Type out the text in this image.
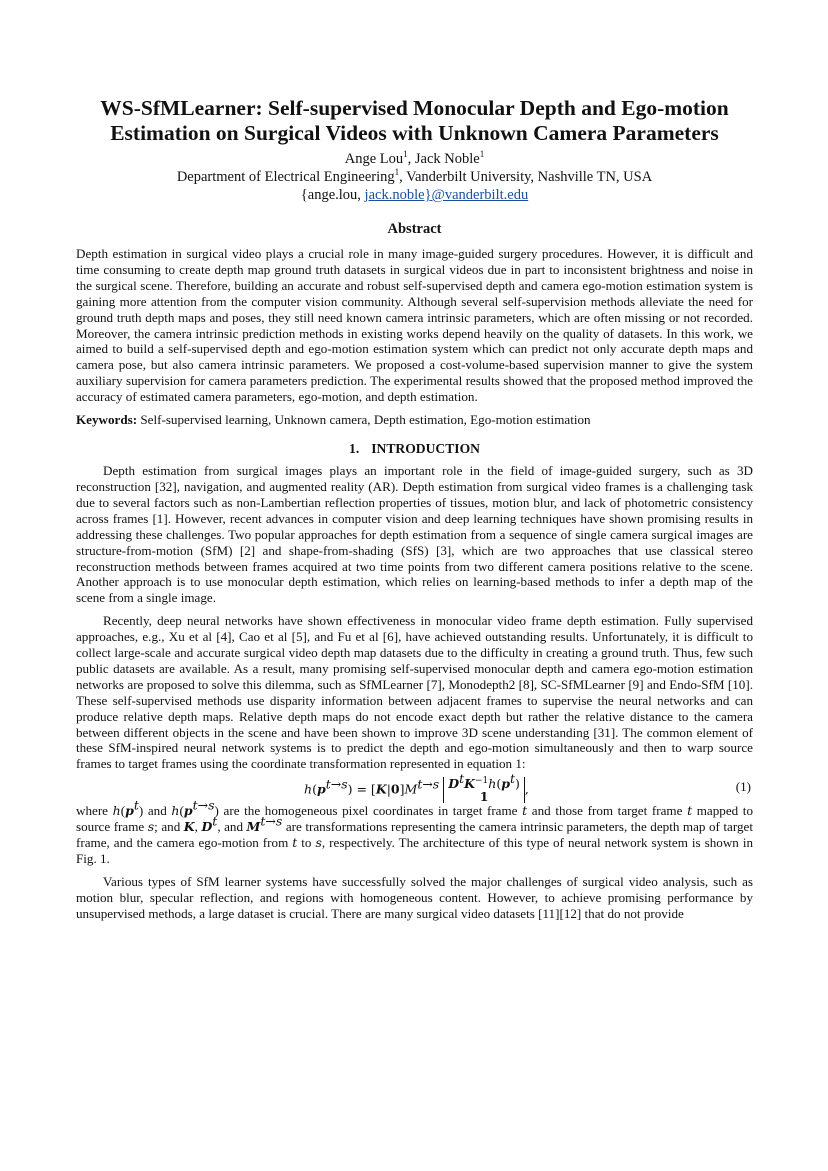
WS-SfMLearner: Self-supervised Monocular Depth and Ego-motion Estimation on Surgical Videos with Unknown Camera Parameters
Ange Lou$^1$, Jack Noble$^1$
Department of Electrical Engineering$^1$, Vanderbilt University, Nashville TN, USA
{ange.lou, jack.noble}@vanderbilt.edu
Abstract

Depth estimation in surgical video plays a crucial role in many image-guided surgery procedures. However, it is difficult and time consuming to create depth map ground truth datasets in surgical videos due in part to inconsistent brightness and noise in the surgical scene. Therefore, building an accurate and robust self-supervised depth and camera ego-motion estimation system is gaining more attention from the computer vision community. Although several self-supervision methods alleviate the need for ground truth depth maps and poses, they still need known camera intrinsic parameters, which are often missing or not recorded. Moreover, the camera intrinsic prediction methods in existing works depend heavily on the quality of datasets. In this work, we aimed to build a self-supervised depth and ego-motion estimation system which can predict not only accurate depth maps and camera pose, but also camera intrinsic parameters. We proposed a cost-volume-based supervision manner to give the system auxiliary supervision for camera parameters prediction. The experimental results showed that the proposed method improved the accuracy of estimated camera parameters, ego-motion, and depth estimation.

Keywords: Self-supervised learning, Unknown camera, Depth estimation, Ego-motion estimation
1. INTRODUCTION

Depth estimation from surgical images plays an important role in the field of image-guided surgery, such as 3D reconstruction [32], navigation, and augmented reality (AR). Depth estimation from surgical video frames is a challenging task due to several factors such as non-Lambertian reflection properties of tissues, motion blur, and lack of photometric consistency across frames [1]. However, recent advances in computer vision and deep learning techniques have shown promising results in addressing these challenges. Two popular approaches for depth estimation from a sequence of single camera surgical images are structure-from-motion (SfM) [2] and shape-from-shading (SfS) [3], which are two approaches that use classical stereo reconstruction methods between frames acquired at two time points from two different camera positions relative to the scene. Another approach is to use monocular depth estimation, which relies on learning-based methods to infer a depth map of the scene from a single image.

Recently, deep neural networks have shown effectiveness in monocular video frame depth estimation. Fully supervised approaches, e.g., Xu et al [4], Cao et al [5], and Fu et al [6], have achieved outstanding results. Unfortunately, it is difficult to collect large-scale and accurate surgical video depth map datasets due to the difficulty in creating a ground truth. Thus, few such public datasets are available. As a result, many promising self-supervised monocular depth and camera ego-motion estimation networks are proposed to solve this dilemma, such as SfMLearner [7], Monodepth2 [8], SC-SfMLearner [9] and Endo-SfM [10]. These self-supervised methods use disparity information between adjacent frames to supervise the neural networks and can produce relative depth maps. Relative depth maps do not encode exact depth but rather the relative distance to the camera between different objects in the scene and have been shown to improve 3D scene understanding [31]. The common element of these SfM-inspired neural network systems is to predict the depth and ego-motion simultaneously and then to warp source frames to target frames using the coordinate transformation represented in equation 1:

$h(p^{t\to s}) = [K|0]M^{t\to s}$ $D^tK^{-1}h(p^t)$
1	,	(1)

where $h(p^t)$ and $h(p^{t\to s})$ are the homogeneous pixel coordinates in target frame t and those from target frame t mapped to source frame s; and K, $D^t$, and $M^{t\to s}$ are transformations representing the camera intrinsic parameters, the depth map of target frame, and the camera ego-motion from t to s, respectively. The architecture of this type of neural network system is shown in Fig. 1.

Various types of SfM learner systems have successfully solved the major challenges of surgical video analysis, such as motion blur, specular reflection, and regions with homogeneous content. However, to achieve promising performance by unsupervised methods, a large dataset is crucial. There are many surgical video datasets [11][12] that do not provide
